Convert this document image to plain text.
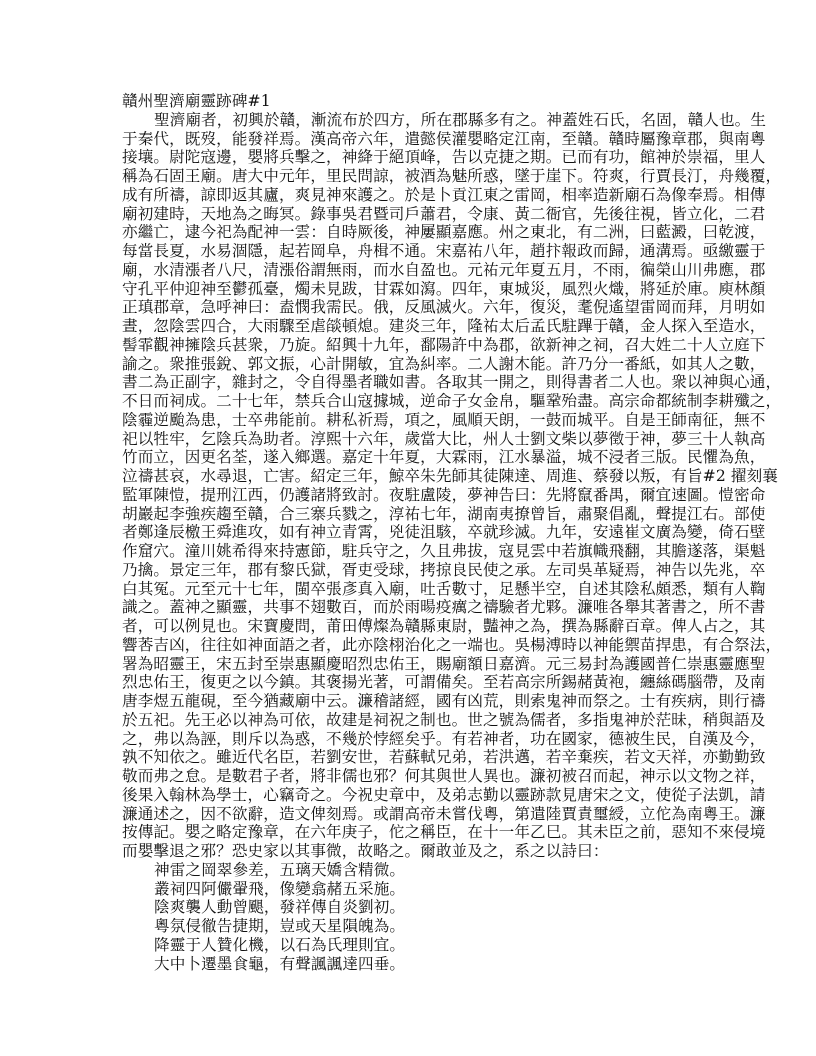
贛州聖濟廟靈跡碑#1
聖濟廟者，初興於贛，漸流布於四方，所在郡縣多有之。神蓋姓石氏，名固，贛人也。生
于秦代，既歿，能發祥焉。漢高帝六年，遣懿侯灌嬰略定江南，至贛。贛時屬豫章郡，與南粵
接壤。尉陀寇邊，嬰將兵擊之，神絳于絕頂峰，告以克捷之期。已而有功，館神於崇福，里人
稱為石固王廟。唐大中元年，里民問諒，被酒為魅所惑，墜于崖下。符爽，行賈長汀，舟幾覆，
成有所禱，諒即返其廬，爽見神來護之。於是卜貢江東之雷岡，相率造新廟石為像奉焉。相傳
廟初建時，天地為之晦冥。錄事吳君暨司戶蕭君，令康、黃二衙官，先後往視，皆立化，二君
亦繼亡，逮今祀為配神一雲：自時厥後，神屢顯嘉應。州之東北，有二洲，曰藍澱，曰乾渡，
每當長夏，水易涸隱，起若岡阜，舟楫不通。宋嘉祐八年，趙抃報政而歸，通溝焉。亟繳靈于
廟，水清漲者八尺，清漲俗謂無雨，而水自盈也。元祐元年夏五月，不雨，徧榮山川弗應，郡
守孔平仲迎神至鬱孤臺，燭未見跋，甘霖如瀉。四年，東城災，風烈火熾，將延於庫。庾林顏
正瑱郡章，急呼神曰：盍憫我需民。俄，反風滅火。六年，復災，耄倪遙望雷岡而拜，月明如
晝，忽陰雲四合，大雨驟至虐燄頓熄。建炎三年，隆祐太后孟氏駐蹕于贛，金人探入至造水，
髻霏觀神擁陰兵甚衆，乃旋。紹興十九年，鄱陽許中為郡，欲新神之祠，召大姓二十人立庭下
諭之。衆推張銳、郭文振，心計開敏，宜為糾率。二人謝木能。許乃分一番紙，如其人之數，
書二為正副字，雜封之，令自得墨者職如書。各取其一開之，則得書者二人也。衆以神與心通，
不日而祠成。二十七年，禁兵合山寇據城，逆命子女金帛，驅鞏殆盡。高宗命都統制李耕殲之，
陰霾逆颱為患，士卒弗能前。耕私祈焉，項之，風順天朗，一鼓而城平。自是王師南征，無不
祀以牲牢，乞陰兵為助者。淳熙十六年，歲當大比，州人士劉文柴以夢徵于神，夢三十人執高
竹而立，因更名荃，遂入鄉選。嘉定十年夏，大霖雨，江水暴溢，城不浸者三版。民懼為魚，
泣禱甚哀，水尋退，亡害。紹定三年，鯨卒朱先師其徒陳達、周進、蔡發以叛，有旨#2 擢刻襄
監軍陳愷，提刑江西，仍護諸將致討。夜駐盧陵，夢神告曰：先將竄番禺，爾宜速圖。愷密命
胡巖起李強疾趨至贛，合三寨兵戮之，淳祐七年，湖南夷撩曾旨，肅聚倡亂，聲提江右。部使
者鄭逢辰檄王舜進攻，如有神立青霄，兇徒沮駭，卒就珍滅。九年，安遠崔文廣為變，倚石壁
作窟穴。潼川姚希得來持憲節，駐兵守之，久且弗拔，寇見雲中若旗幟飛翻，其膽遂落，渠魁
乃擒。景定三年，郡有黎氏獄，胥吏受球，拷掠良民使之承。左司吳革疑焉，神告以先兆，卒
白其冤。元至元十七年，閩卒張彥真入廟，吐舌數寸，足懸半空，自述其陰私頗悉，類有人鞫
識之。蓋神之顯靈，共事不翅數百，而於雨暘疫癘之禱驗者尤夥。濂唯各舉其著書之，所不書
者，可以例見也。宋寶慶問，莆田傅燦為贛縣東尉，豔神之為，撰為縣辭百章。俾人占之，其
響莕吉凶，往往如神面語之者，此亦陰栩治化之一端也。吳楊溥時以神能禦苗捍患，有合祭法，
署為昭靈王，宋五封至崇惠顯慶昭烈忠佑王，賜廟額日嘉濟。元三易封為護國普仁崇惠靈應聖
烈忠佑王，復更之以今鎮。其褒揚光著，可謂備矣。至若高宗所錫赭黃袍，纏絲碼腦帶，及南
唐李煜五龍硯，至今猶藏廟中云。濂稽諸經，國有凶荒，則索鬼神而祭之。士有疾病，則行禱
於五祀。先王必以神為可依，故建是祠祝之制也。世之號為儒者，多指鬼神於茫昧，稍與語及
之，弗以為誣，則斥以為惑，不幾於悖經矣乎。有若神者，功在國家，德被生民，自漢及今，
孰不知依之。雖近代名臣，若劉安世，若蘇軾兄弟，若洪邁，若辛棄疾，若文天祥，亦勤勤致
敬而弗之怠。是數君子者，將非儒也邪？何其與世人異也。濂初被召而起，神示以文物之祥，
後果入翰林為學士，心竊奇之。今祝史章中，及弟志勤以靈跡款見唐宋之文，使從子法凱，請
濂通述之，因不欲辭，造文俾刻焉。或謂高帝未嘗伐粵，第遣陸賈責璽綬，立佗為南粵王。濂
按傳記。嬰之略定豫章，在六年庚子，佗之稱臣，在十一年乙巳。其未臣之前，惡知不來侵境
而嬰擊退之邪？恐史家以其事微，故略之。爾敢並及之，系之以詩曰：
神雷之岡翠參差，五璃天嬌含精微。
叢祠四阿儼翬飛，像變翕赭五采施。
陰爽襲人動曾颶，發祥傳自炎劉初。
粵氛侵徹告捷期，豈或天星隕魄為。
降靈于人贊化機，以石為氏理則宜。
大中卜遷墨食龜，有聲諷諷達四垂。
